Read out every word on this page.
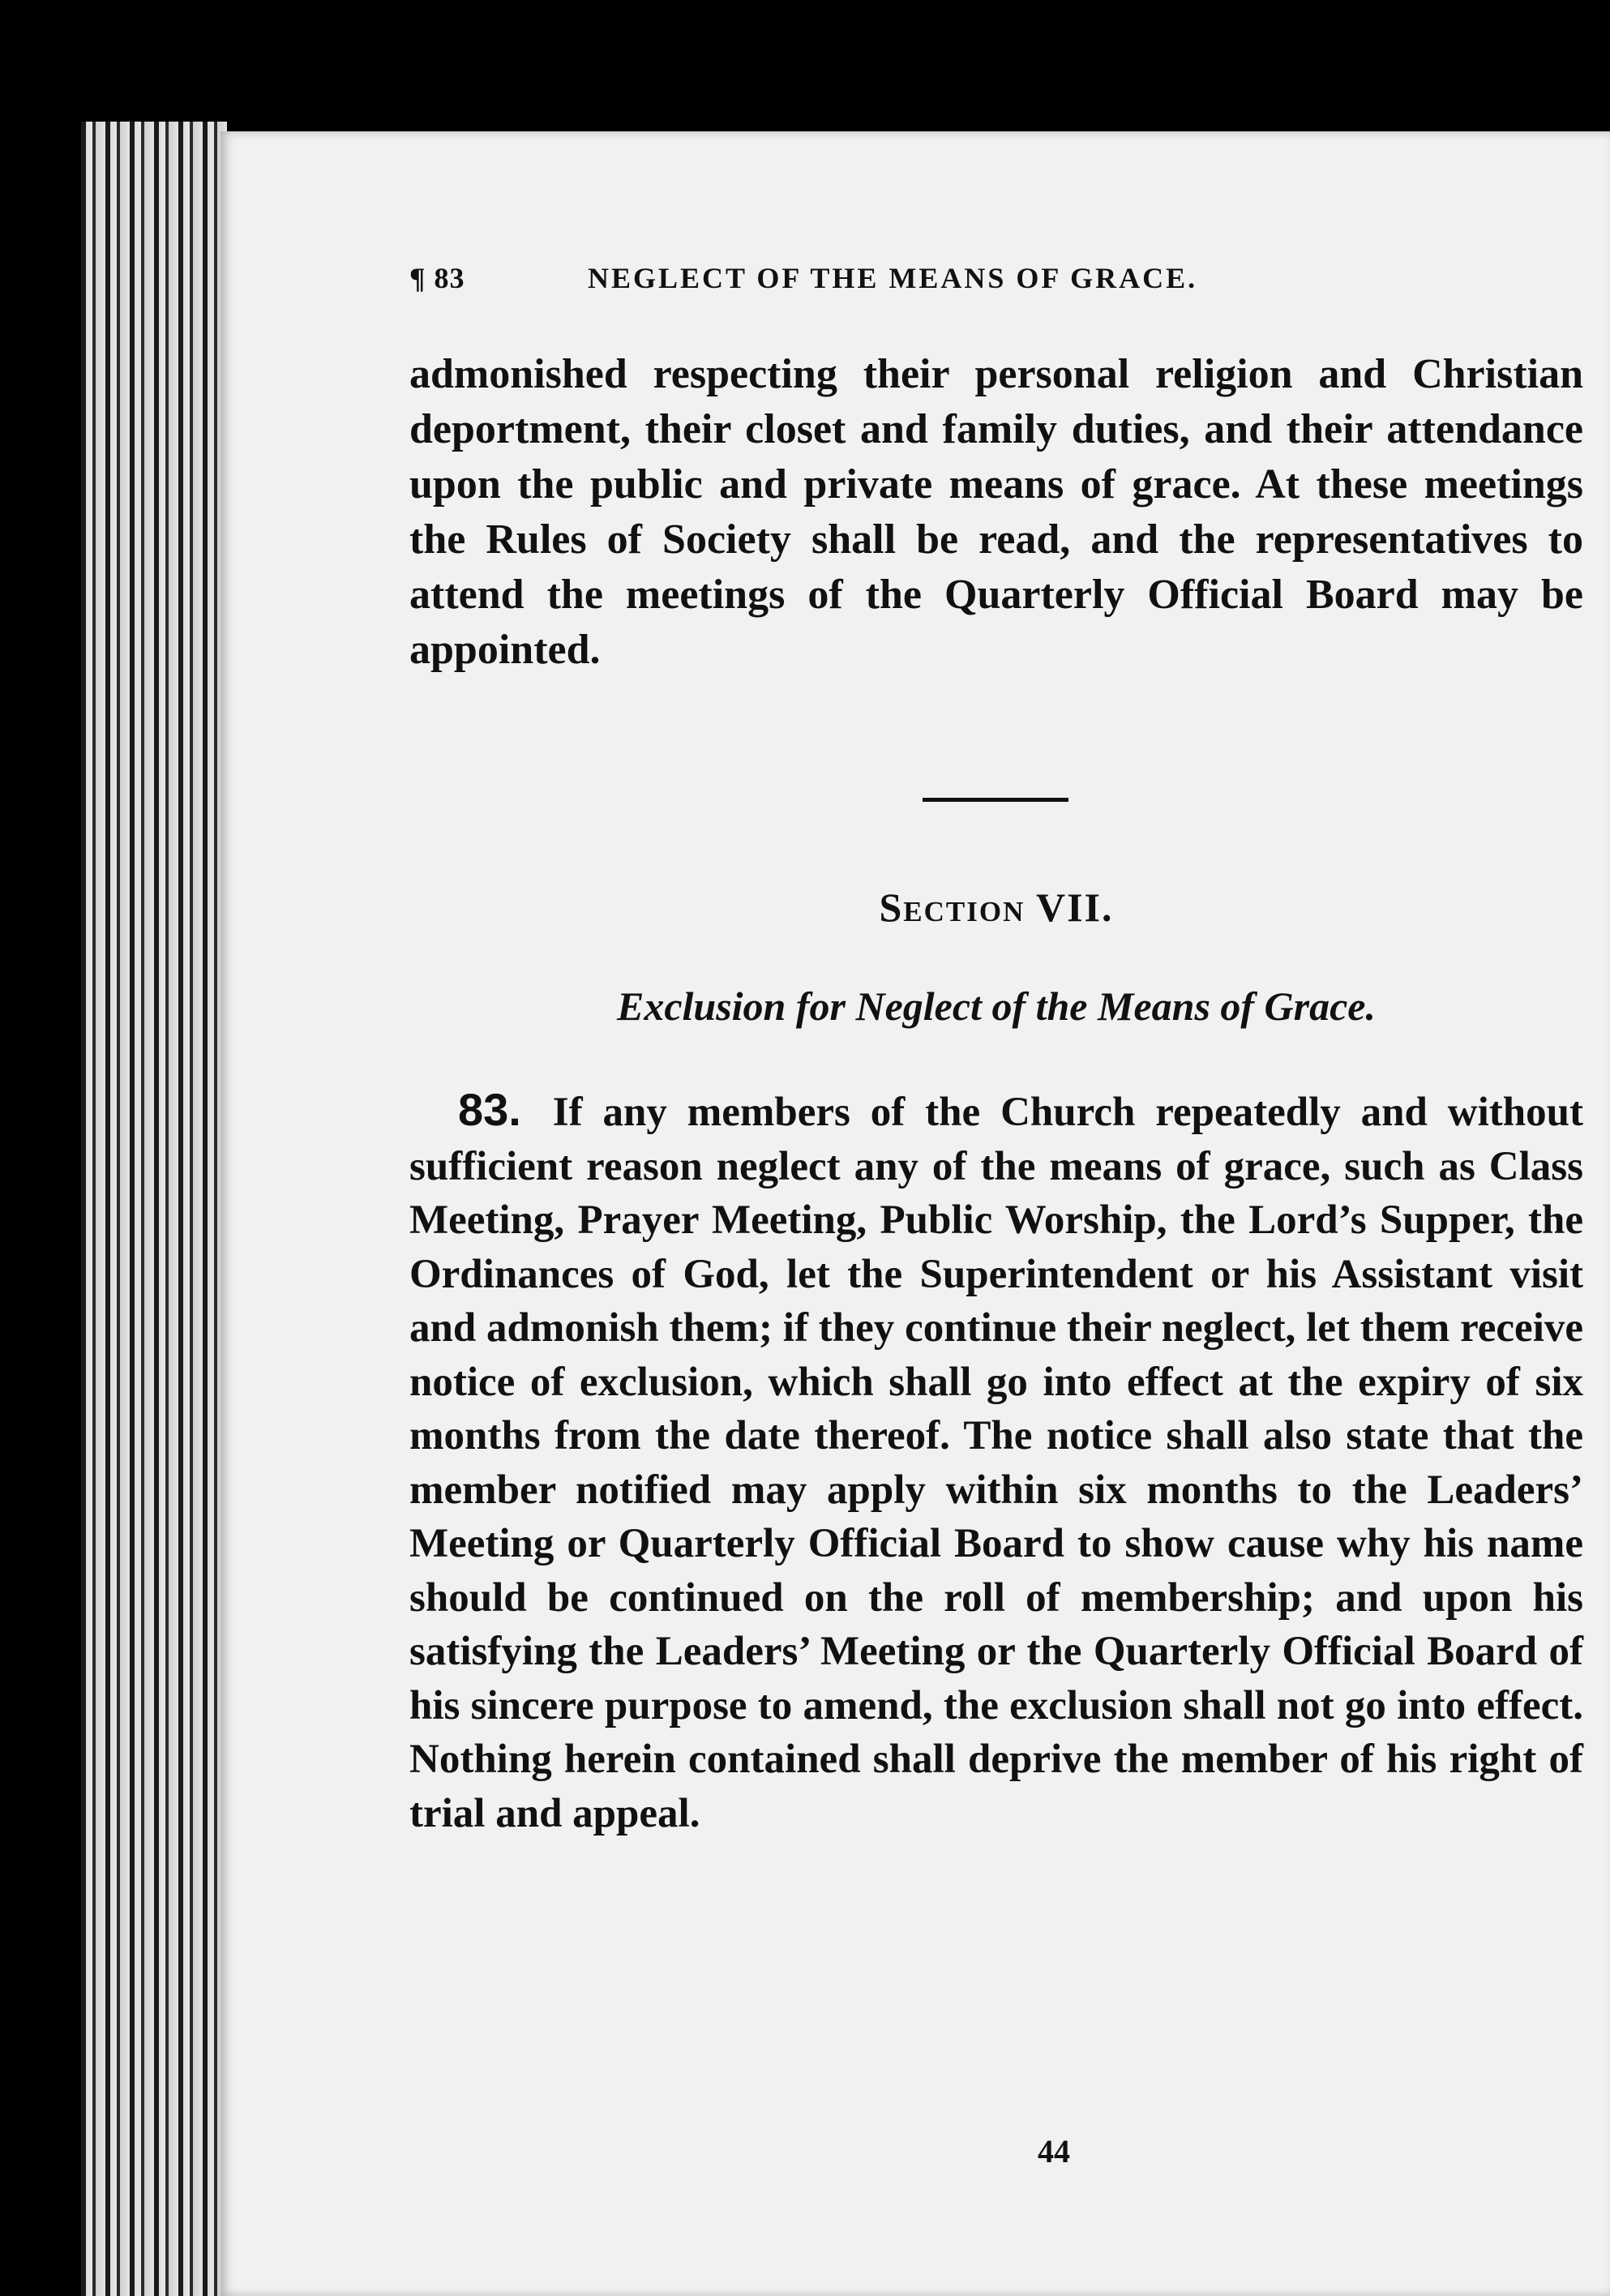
¶ 83	NEGLECT OF THE MEANS OF GRACE.
admonished respecting their personal religion and Christian deportment, their closet and family duties, and their attendance upon the public and private means of grace. At these meetings the Rules of Society shall be read, and the representatives to attend the meetings of the Quarterly Official Board may be appointed.
Section VII.
Exclusion for Neglect of the Means of Grace.
83. If any members of the Church repeatedly and without sufficient reason neglect any of the means of grace, such as Class Meeting, Prayer Meeting, Public Worship, the Lord’s Supper, the Ordinances of God, let the Superintendent or his Assistant visit and admonish them; if they continue their neglect, let them receive notice of exclusion, which shall go into effect at the expiry of six months from the date thereof. The notice shall also state that the member notified may apply within six months to the Leaders’ Meeting or Quarterly Official Board to show cause why his name should be continued on the roll of membership; and upon his satisfying the Leaders’ Meeting or the Quarterly Official Board of his sincere purpose to amend, the exclusion shall not go into effect. Nothing herein contained shall deprive the member of his right of trial and appeal.
44
